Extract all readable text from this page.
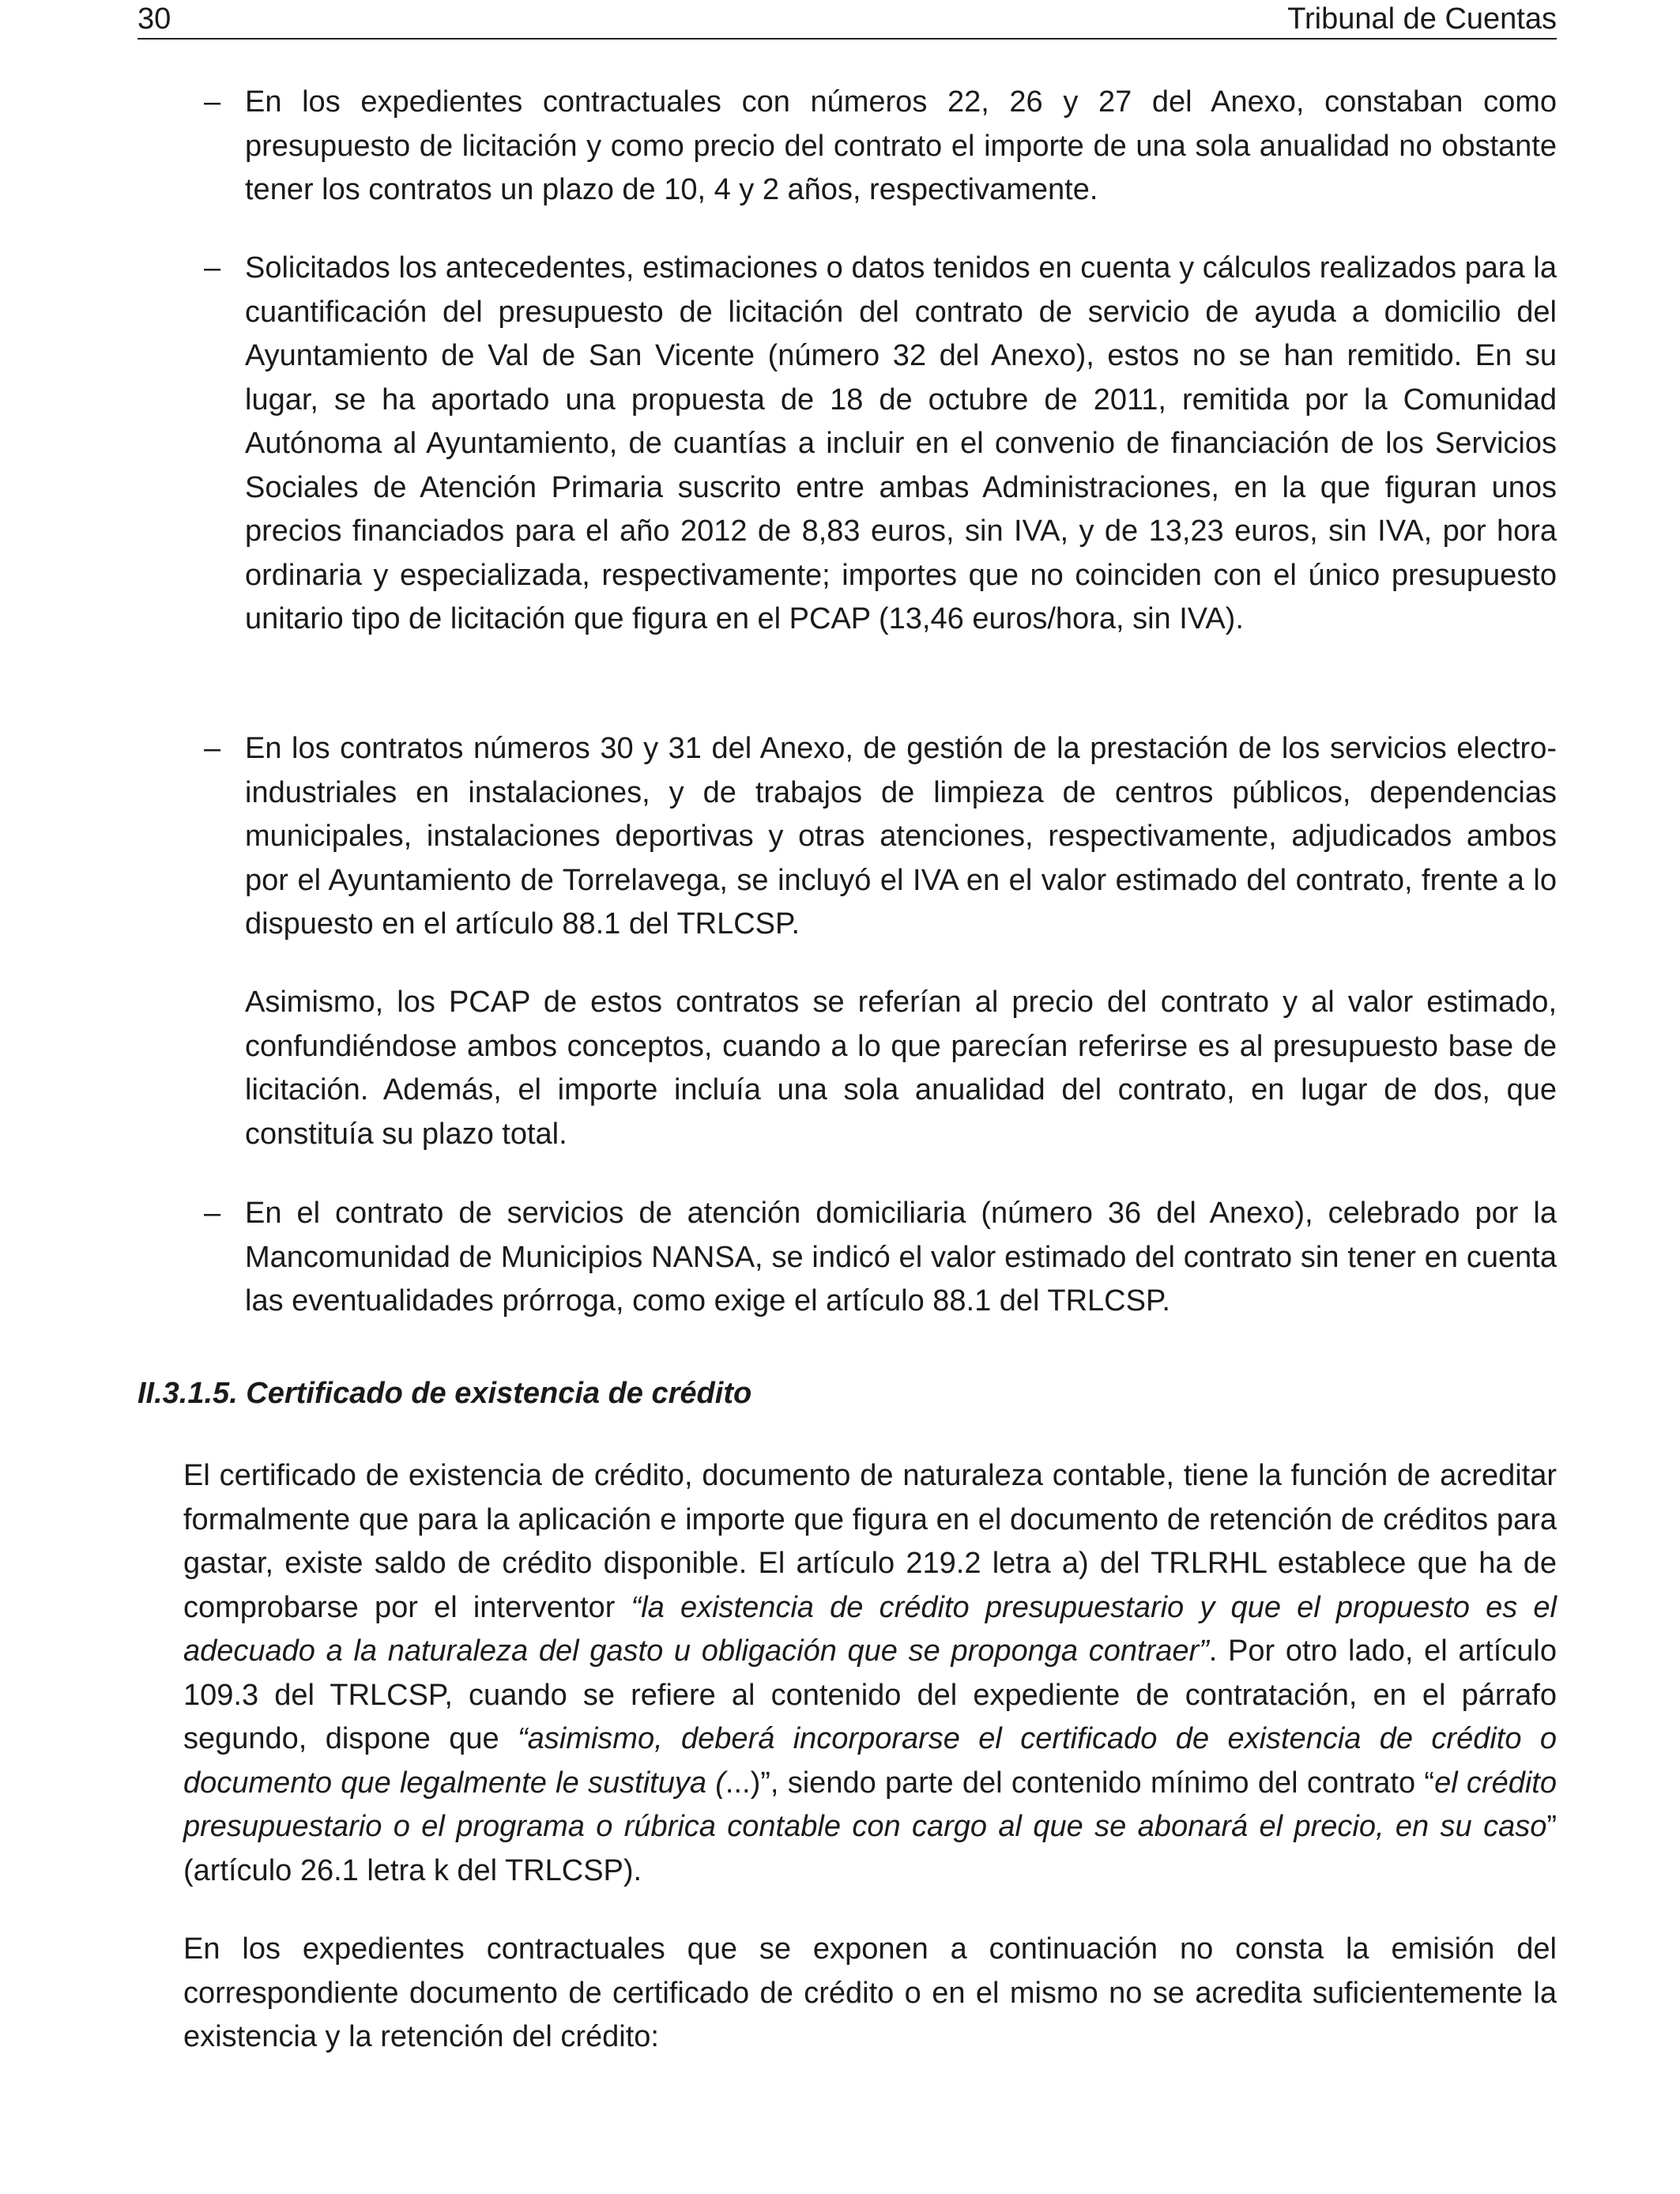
30	Tribunal de Cuentas
– En los expedientes contractuales con números 22, 26 y 27 del Anexo, constaban como presupuesto de licitación y como precio del contrato el importe de una sola anualidad no obstante tener los contratos un plazo de 10, 4 y 2 años, respectivamente.

– Solicitados los antecedentes, estimaciones o datos tenidos en cuenta y cálculos realizados para la cuantificación del presupuesto de licitación del contrato de servicio de ayuda a domicilio del Ayuntamiento de Val de San Vicente (número 32 del Anexo), estos no se han remitido. En su lugar, se ha aportado una propuesta de 18 de octubre de 2011, remitida por la Comunidad Autónoma al Ayuntamiento, de cuantías a incluir en el convenio de financiación de los Servicios Sociales de Atención Primaria suscrito entre ambas Administraciones, en la que figuran unos precios financiados para el año 2012 de 8,83 euros, sin IVA, y de 13,23 euros, sin IVA, por hora ordinaria y especializada, respectivamente; importes que no coinciden con el único presupuesto unitario tipo de licitación que figura en el PCAP (13,46 euros/hora, sin IVA).

– En los contratos números 30 y 31 del Anexo, de gestión de la prestación de los servicios electro-industriales en instalaciones, y de trabajos de limpieza de centros públicos, dependencias municipales, instalaciones deportivas y otras atenciones, respectivamente, adjudicados ambos por el Ayuntamiento de Torrelavega, se incluyó el IVA en el valor estimado del contrato, frente a lo dispuesto en el artículo 88.1 del TRLCSP.

Asimismo, los PCAP de estos contratos se referían al precio del contrato y al valor estimado, confundiéndose ambos conceptos, cuando a lo que parecían referirse es al presupuesto base de licitación. Además, el importe incluía una sola anualidad del contrato, en lugar de dos, que constituía su plazo total.

– En el contrato de servicios de atención domiciliaria (número 36 del Anexo), celebrado por la Mancomunidad de Municipios NANSA, se indicó el valor estimado del contrato sin tener en cuenta las eventualidades prórroga, como exige el artículo 88.1 del TRLCSP.

II.3.1.5. Certificado de existencia de crédito

El certificado de existencia de crédito, documento de naturaleza contable, tiene la función de acreditar formalmente que para la aplicación e importe que figura en el documento de retención de créditos para gastar, existe saldo de crédito disponible. El artículo 219.2 letra a) del TRLRHL establece que ha de comprobarse por el interventor “la existencia de crédito presupuestario y que el propuesto es el adecuado a la naturaleza del gasto u obligación que se proponga contraer”. Por otro lado, el artículo 109.3 del TRLCSP, cuando se refiere al contenido del expediente de contratación, en el párrafo segundo, dispone que “asimismo, deberá incorporarse el certificado de existencia de crédito o documento que legalmente le sustituya (...)”, siendo parte del contenido mínimo del contrato “el crédito presupuestario o el programa o rúbrica contable con cargo al que se abonará el precio, en su caso” (artículo 26.1 letra k del TRLCSP).

En los expedientes contractuales que se exponen a continuación no consta la emisión del correspondiente documento de certificado de crédito o en el mismo no se acredita suficientemente la existencia y la retención del crédito:
